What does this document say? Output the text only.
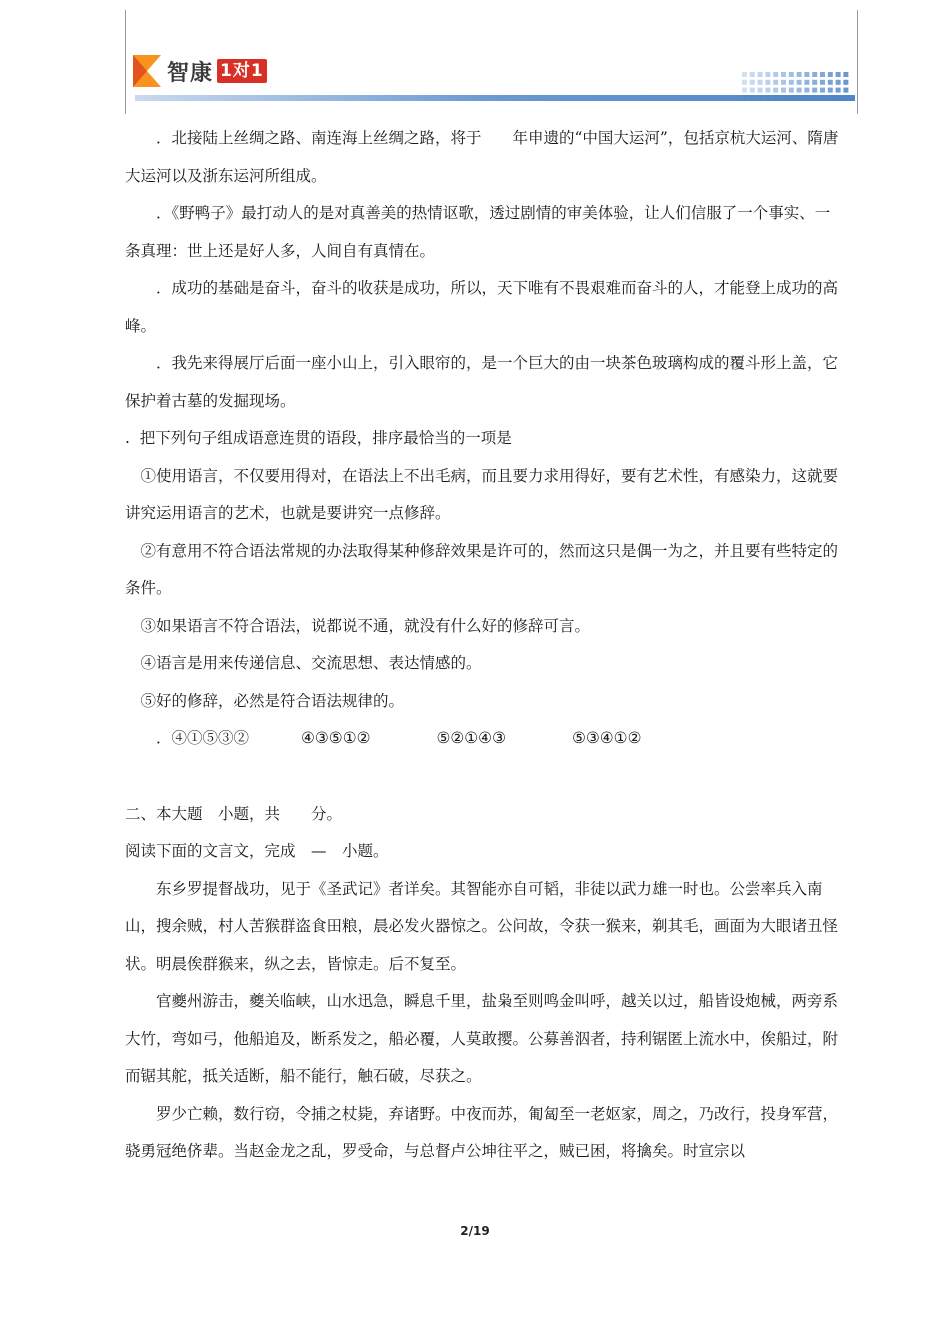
智康 1对1

．北接陆上丝绸之路、南连海上丝绸之路，将于　　年申遗的“中国大运河”，包括京杭大运河、隋唐大运河以及浙东运河所组成。

．《野鸭子》最打动人的是对真善美的热情讴歌，透过剧情的审美体验，让人们信服了一个事实、一条真理：世上还是好人多，人间自有真情在。

．成功的基础是奋斗，奋斗的收获是成功，所以，天下唯有不畏艰难而奋斗的人，才能登上成功的高峰。

．我先来得展厅后面一座小山上，引入眼帘的，是一个巨大的由一块茶色玻璃构成的覆斗形上盖，它保护着古墓的发掘现场。

.  把下列句子组成语意连贯的语段，排序最恰当的一项是

①使用语言，不仅要用得对，在语法上不出毛病，而且要力求用得好，要有艺术性，有感染力，这就要讲究运用语言的艺术，也就是要讲究一点修辞。

②有意用不符合语法常规的办法取得某种修辞效果是许可的，然而这只是偶一为之，并且要有些特定的条件。

③如果语言不符合语法，说都说不通，就没有什么好的修辞可言。

④语言是用来传递信息、交流思想、表达情感的。

⑤好的修辞，必然是符合语法规律的。

．④①⑤③②	④③⑤①②	⑤②①④③	⑤③④①②

二、本大题　小题，共　　分。

阅读下面的文言文，完成　—　小题。

东乡罗提督战功，见于《圣武记》者详矣。其智能亦自可韬，非徒以武力雄一时也。公尝率兵入南山，搜余贼，村人苦猴群盗食田粮，晨必发火器惊之。公问故，令获一猴来，剃其毛，画面为大眼诸丑怪状。明晨俟群猴来，纵之去，皆惊走。后不复至。

官夔州游击，夔关临峡，山水迅急，瞬息千里，盐枭至则鸣金叫呼，越关以过，船皆设炮械，两旁系大竹，弯如弓，他船追及，断系发之，船必覆，人莫敢撄。公募善泅者，持利锯匿上流水中，俟船过，附而锯其舵，抵关适断，船不能行，触石破，尽获之。

罗少亡赖，数行窃，令捕之杖毙，弃诸野。中夜而苏，匍匐至一老妪家，周之，乃改行，投身军营，骁勇冠绝侪辈。当赵金龙之乱，罗受命，与总督卢公坤往平之，贼已困，将擒矣。时宣宗以

2/19
